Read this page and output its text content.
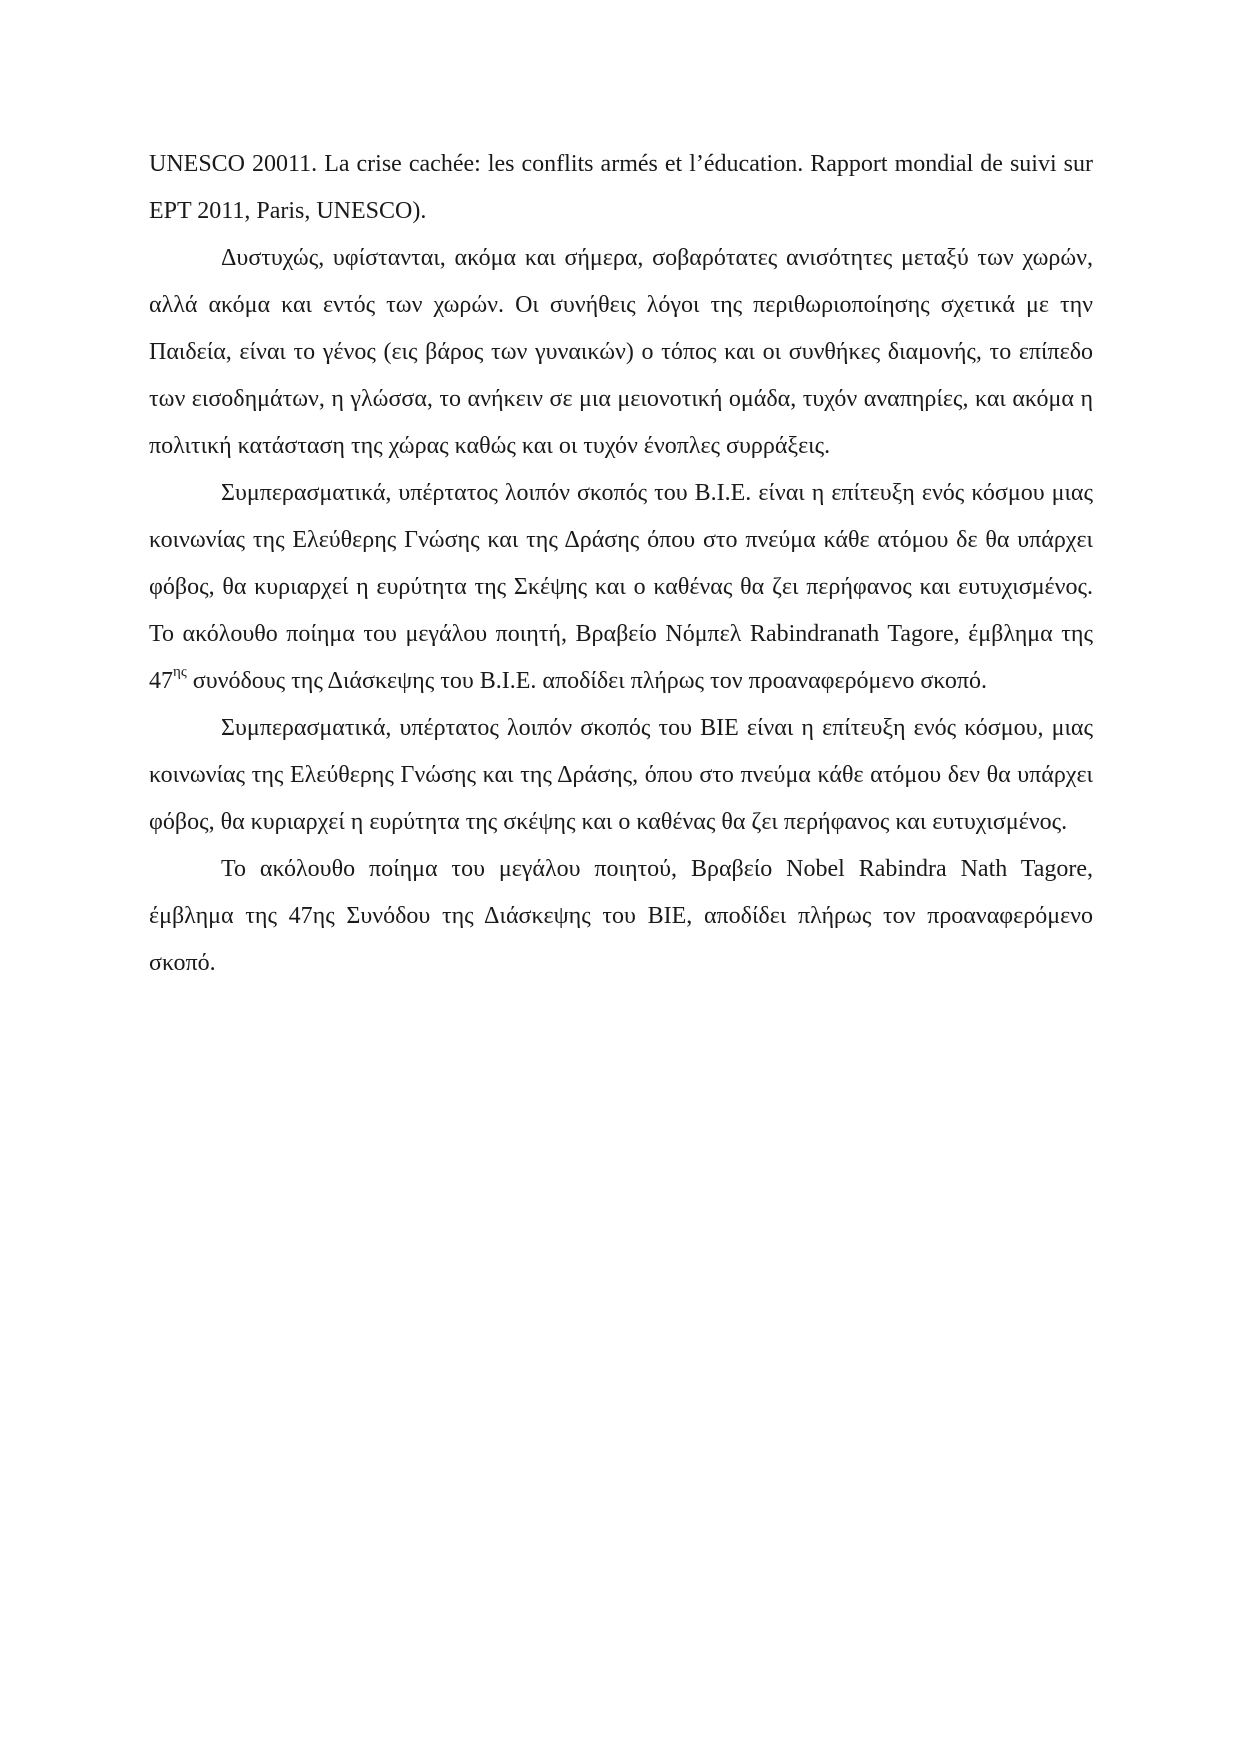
UNESCO 20011. La crise cachée: les conflits armés et l’éducation. Rapport mondial de suivi sur EPT 2011, Paris, UNESCO).

Δυστυχώς, υφίστανται, ακόμα και σήμερα, σοβαρότατες ανισότητες μεταξύ των χωρών, αλλά ακόμα και εντός των χωρών. Οι συνήθεις λόγοι της περιθωριοποίησης σχετικά με την Παιδεία, είναι το γένος (εις βάρος των γυναικών) ο τόπος και οι συνθήκες διαμονής, το επίπεδο των εισοδημάτων, η γλώσσα, το ανήκειν σε μια μειονοτική ομάδα, τυχόν αναπηρίες, και ακόμα η πολιτική κατάσταση της χώρας καθώς και οι τυχόν ένοπλες συρράξεις.

Συμπερασματικά, υπέρτατος λοιπόν σκοπός του Β.Ι.Ε. είναι η επίτευξη ενός κόσμου μιας κοινωνίας της Ελεύθερης Γνώσης και της Δράσης όπου στο πνεύμα κάθε ατόμου δε θα υπάρχει φόβος, θα κυριαρχεί η ευρύτητα της Σκέψης και ο καθένας θα ζει περήφανος και ευτυχισμένος. Το ακόλουθο ποίημα του μεγάλου ποιητή, Βραβείο Νόμπελ Rabindranath Tagore, έμβλημα της $47^{\eta\varsigma}$ συνόδους της Διάσκεψης του Β.Ι.Ε. αποδίδει πλήρως τον προαναφερόμενο σκοπό.

Συμπερασματικά, υπέρτατος λοιπόν σκοπός του ΒΙΕ είναι η επίτευξη ενός κόσμου, μιας κοινωνίας της Ελεύθερης Γνώσης και της Δράσης, όπου στο πνεύμα κάθε ατόμου δεν θα υπάρχει φόβος, θα κυριαρχεί η ευρύτητα της σκέψης και ο καθένας θα ζει περήφανος και ευτυχισμένος.

Το ακόλουθο ποίημα του μεγάλου ποιητού, Βραβείο Nobel Rabindra Nath Tagore, έμβλημα της 47ης Συνόδου της Διάσκεψης του ΒΙΕ, αποδίδει πλήρως τον προαναφερόμενο σκοπό.
